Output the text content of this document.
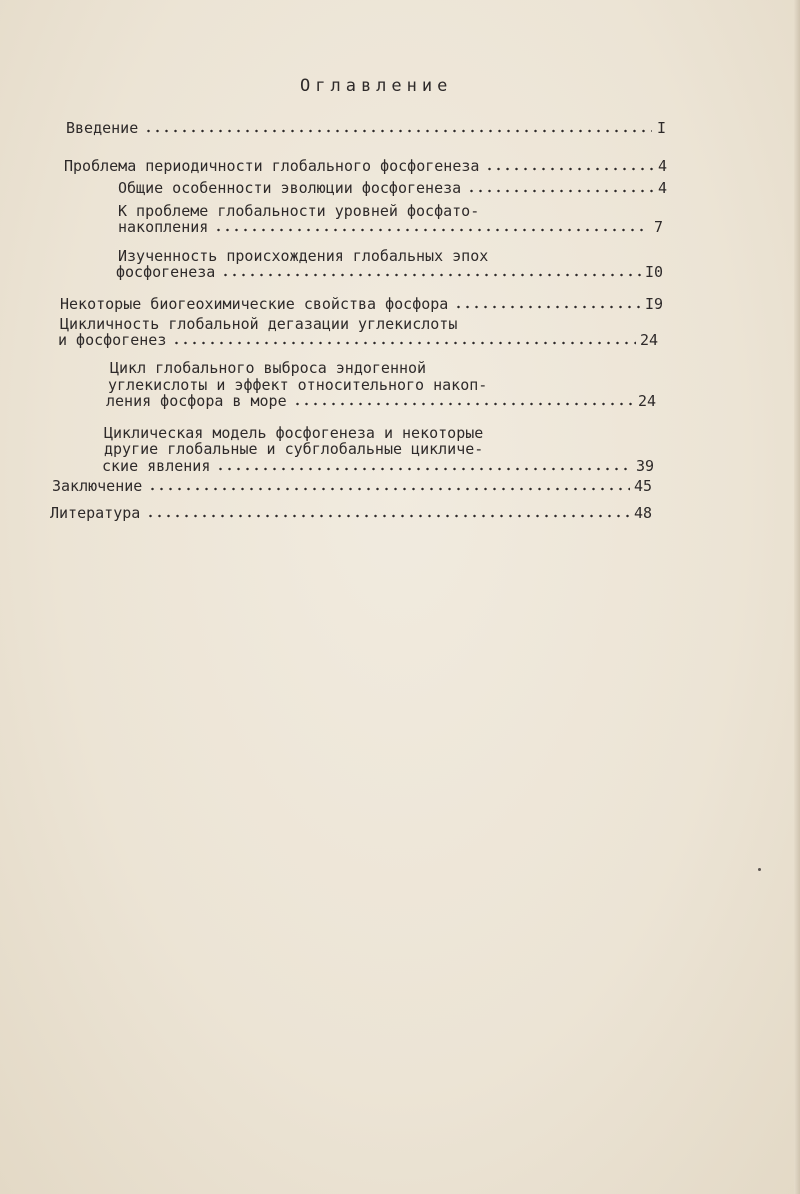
Оглавление
Введение	I
Проблема периодичности глобального фосфогенеза	4
Общие особенности эволюции фосфогенеза	4
К проблеме глобальности уровней фосфато-
накопления	7
Изученность происхождения глобальных эпох
фосфогенеза	I0
Некоторые биогеохимические свойства фосфора	I9
Цикличность глобальной дегазации углекислоты
и фосфогенез	24
Цикл глобального выброса эндогенной
углекислоты и эффект относительного накоп-
ления фосфора в море	24
Циклическая модель фосфогенеза и некоторые
другие глобальные и субглобальные цикличе-
ские явления	39
Заключение	45
Литература	48
